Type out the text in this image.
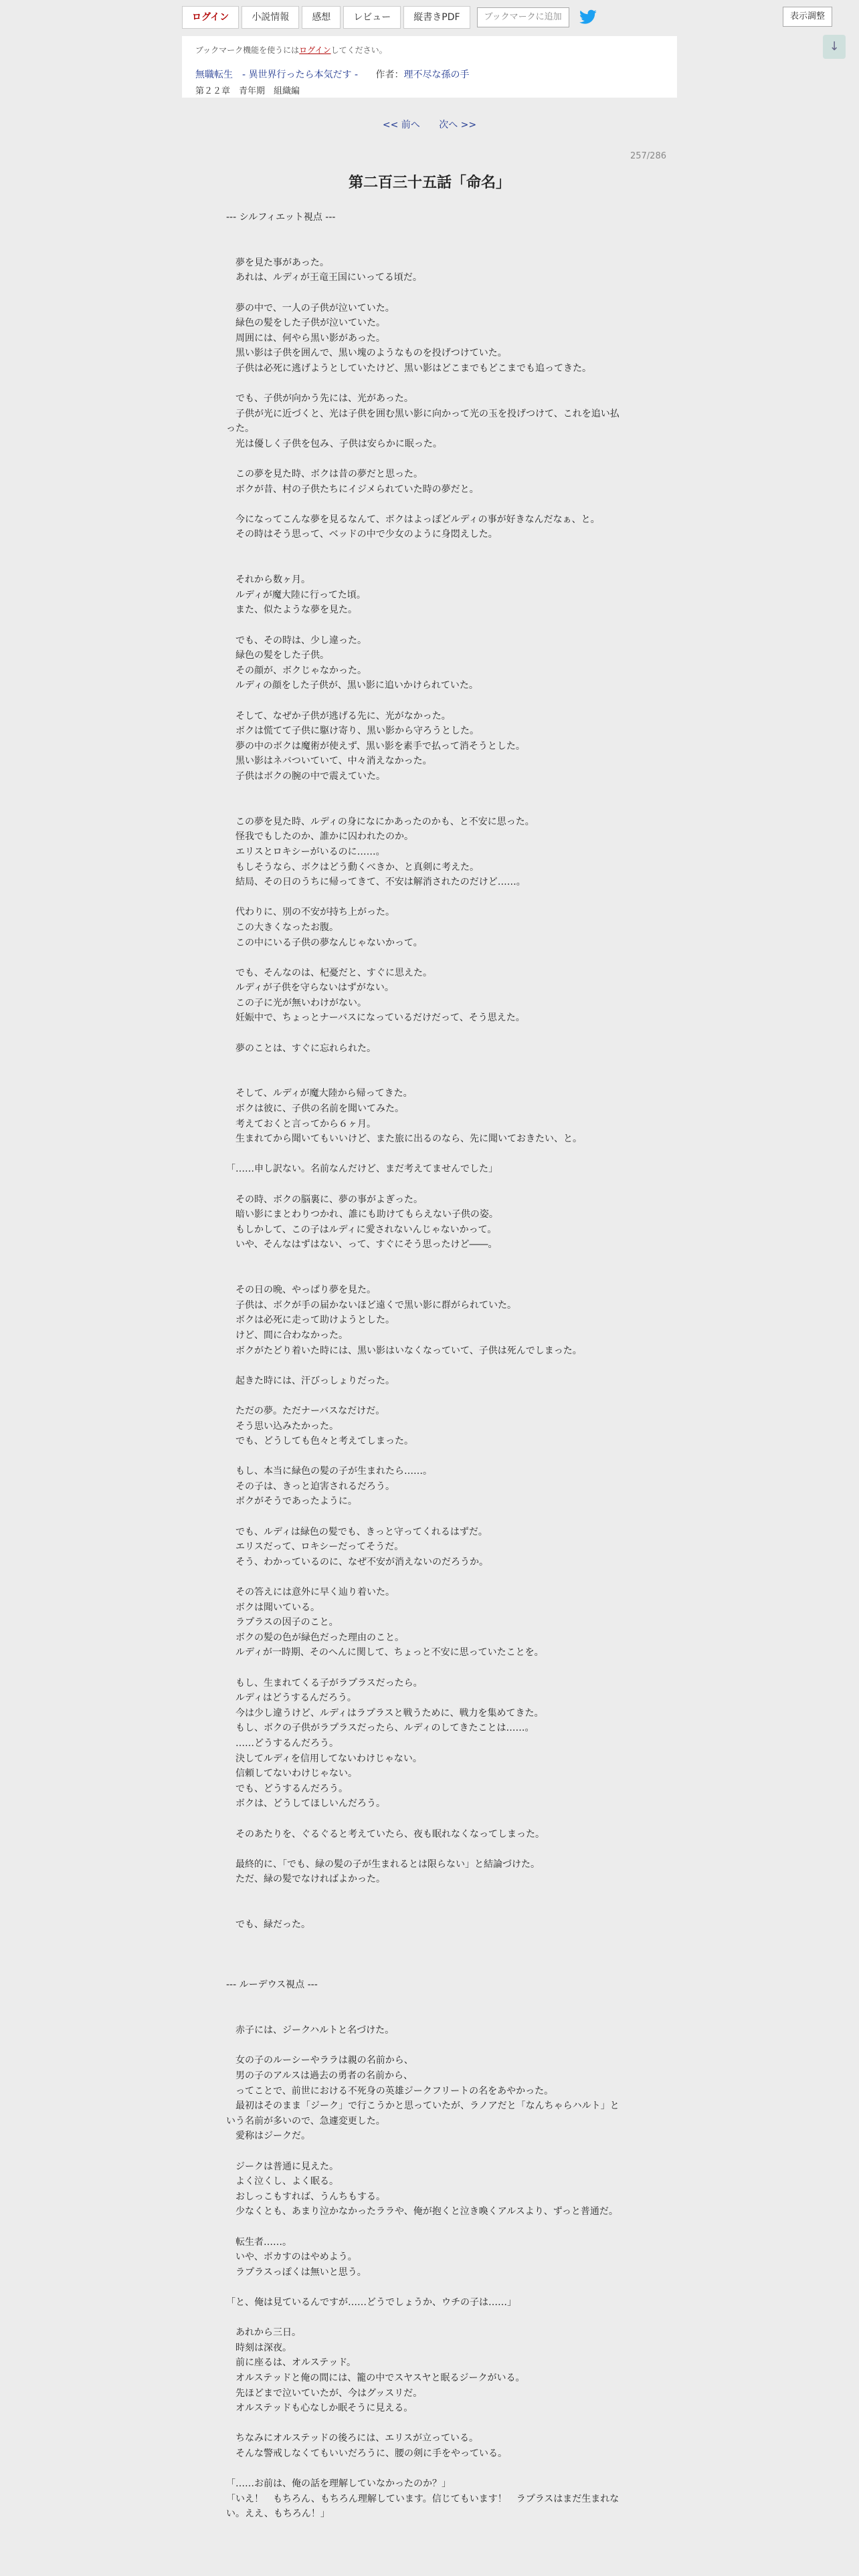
ログイン	小説情報	感想	レビュー	縦書きPDF	ブックマークに追加	表示調整
↓
ブックマーク機能を使うにはログインしてください。
無職転生　- 異世界行ったら本気だす - 作者：理不尽な孫の手
第２２章　青年期　組織編
<< 前へ 次へ >>
257/286
第二百三十五話「命名」
--- シルフィエット視点 ---
　夢を見た事があった。
　あれは、ルディが王竜王国にいってる頃だ。
　夢の中で、一人の子供が泣いていた。
　緑色の髪をした子供が泣いていた。
　周囲には、何やら黒い影があった。
　黒い影は子供を囲んで、黒い塊のようなものを投げつけていた。
　子供は必死に逃げようとしていたけど、黒い影はどこまでもどこまでも追ってきた。
　でも、子供が向かう先には、光があった。
　子供が光に近づくと、光は子供を囲む黒い影に向かって光の玉を投げつけて、これを追い払った。
　光は優しく子供を包み、子供は安らかに眠った。
　この夢を見た時、ボクは昔の夢だと思った。
　ボクが昔、村の子供たちにイジメられていた時の夢だと。
　今になってこんな夢を見るなんて、ボクはよっぽどルディの事が好きなんだなぁ、と。
　その時はそう思って、ベッドの中で少女のように身悶えした。
　それから数ヶ月。
　ルディが魔大陸に行ってた頃。
　また、似たような夢を見た。
　でも、その時は、少し違った。
　緑色の髪をした子供。
　その顔が、ボクじゃなかった。
　ルディの顔をした子供が、黒い影に追いかけられていた。
　そして、なぜか子供が逃げる先に、光がなかった。
　ボクは慌てて子供に駆け寄り、黒い影から守ろうとした。
　夢の中のボクは魔術が使えず、黒い影を素手で払って消そうとした。
　黒い影はネバついていて、中々消えなかった。
　子供はボクの腕の中で震えていた。
　この夢を見た時、ルディの身になにかあったのかも、と不安に思った。
　怪我でもしたのか、誰かに囚われたのか。
　エリスとロキシーがいるのに……。
　もしそうなら、ボクはどう動くべきか、と真剣に考えた。
　結局、その日のうちに帰ってきて、不安は解消されたのだけど……。
　代わりに、別の不安が持ち上がった。
　この大きくなったお腹。
　この中にいる子供の夢なんじゃないかって。
　でも、そんなのは、杞憂だと、すぐに思えた。
　ルディが子供を守らないはずがない。
　この子に光が無いわけがない。
　妊娠中で、ちょっとナーバスになっているだけだって、そう思えた。
　夢のことは、すぐに忘れられた。
　そして、ルディが魔大陸から帰ってきた。
　ボクは彼に、子供の名前を聞いてみた。
　考えておくと言ってから６ヶ月。
　生まれてから聞いてもいいけど、また旅に出るのなら、先に聞いておきたい、と。
「……申し訳ない。名前なんだけど、まだ考えてませんでした」
　その時、ボクの脳裏に、夢の事がよぎった。
　暗い影にまとわりつかれ、誰にも助けてもらえない子供の姿。
　もしかして、この子はルディに愛されないんじゃないかって。
　いや、そんなはずはない、って、すぐにそう思ったけど――。
　その日の晩、やっぱり夢を見た。
　子供は、ボクが手の届かないほど遠くで黒い影に群がられていた。
　ボクは必死に走って助けようとした。
　けど、間に合わなかった。
　ボクがたどり着いた時には、黒い影はいなくなっていて、子供は死んでしまった。
　起きた時には、汗びっしょりだった。
　ただの夢。ただナーバスなだけだ。
　そう思い込みたかった。
　でも、どうしても色々と考えてしまった。
　もし、本当に緑色の髪の子が生まれたら……。
　その子は、きっと迫害されるだろう。
　ボクがそうであったように。
　でも、ルディは緑色の髪でも、きっと守ってくれるはずだ。
　エリスだって、ロキシーだってそうだ。
　そう、わかっているのに、なぜ不安が消えないのだろうか。
　その答えには意外に早く辿り着いた。
　ボクは聞いている。
　ラプラスの因子のこと。
　ボクの髪の色が緑色だった理由のこと。
　ルディが一時期、そのへんに関して、ちょっと不安に思っていたことを。
　もし、生まれてくる子がラプラスだったら。
　ルディはどうするんだろう。
　今は少し違うけど、ルディはラプラスと戦うために、戦力を集めてきた。
　もし、ボクの子供がラプラスだったら、ルディのしてきたことは……。
　……どうするんだろう。
　決してルディを信用してないわけじゃない。
　信頼してないわけじゃない。
　でも、どうするんだろう。
　ボクは、どうしてほしいんだろう。
　そのあたりを、ぐるぐると考えていたら、夜も眠れなくなってしまった。
　最終的に、「でも、緑の髪の子が生まれるとは限らない」と結論づけた。
　ただ、緑の髪でなければよかった。
　でも、緑だった。
--- ルーデウス視点 ---
　赤子には、ジークハルトと名づけた。
　女の子のルーシーやララは親の名前から、
　男の子のアルスは過去の勇者の名前から、
　ってことで、前世における不死身の英雄ジークフリートの名をあやかった。
　最初はそのまま「ジーク」で行こうかと思っていたが、ラノアだと「なんちゃらハルト」という名前が多いので、急遽変更した。
　愛称はジークだ。
　ジークは普通に見えた。
　よく泣くし、よく眠る。
　おしっこもすれば、うんちもする。
　少なくとも、あまり泣かなかったララや、俺が抱くと泣き喚くアルスより、ずっと普通だ。
　転生者……。
　いや、ボカすのはやめよう。
　ラプラスっぽくは無いと思う。
「と、俺は見ているんですが……どうでしょうか、ウチの子は……」
　あれから三日。
　時刻は深夜。
　前に座るは、オルステッド。
　オルステッドと俺の間には、籠の中でスヤスヤと眠るジークがいる。
　先ほどまで泣いていたが、今はグッスリだ。
　オルステッドも心なしか眠そうに見える。
　ちなみにオルステッドの後ろには、エリスが立っている。
　そんな警戒しなくてもいいだろうに、腰の剣に手をやっている。
「……お前は、俺の話を理解していなかったのか？」
「いえ！　もちろん、もちろん理解しています。信じてもいます！　ラプラスはまだ生まれない。ええ、もちろん！」
